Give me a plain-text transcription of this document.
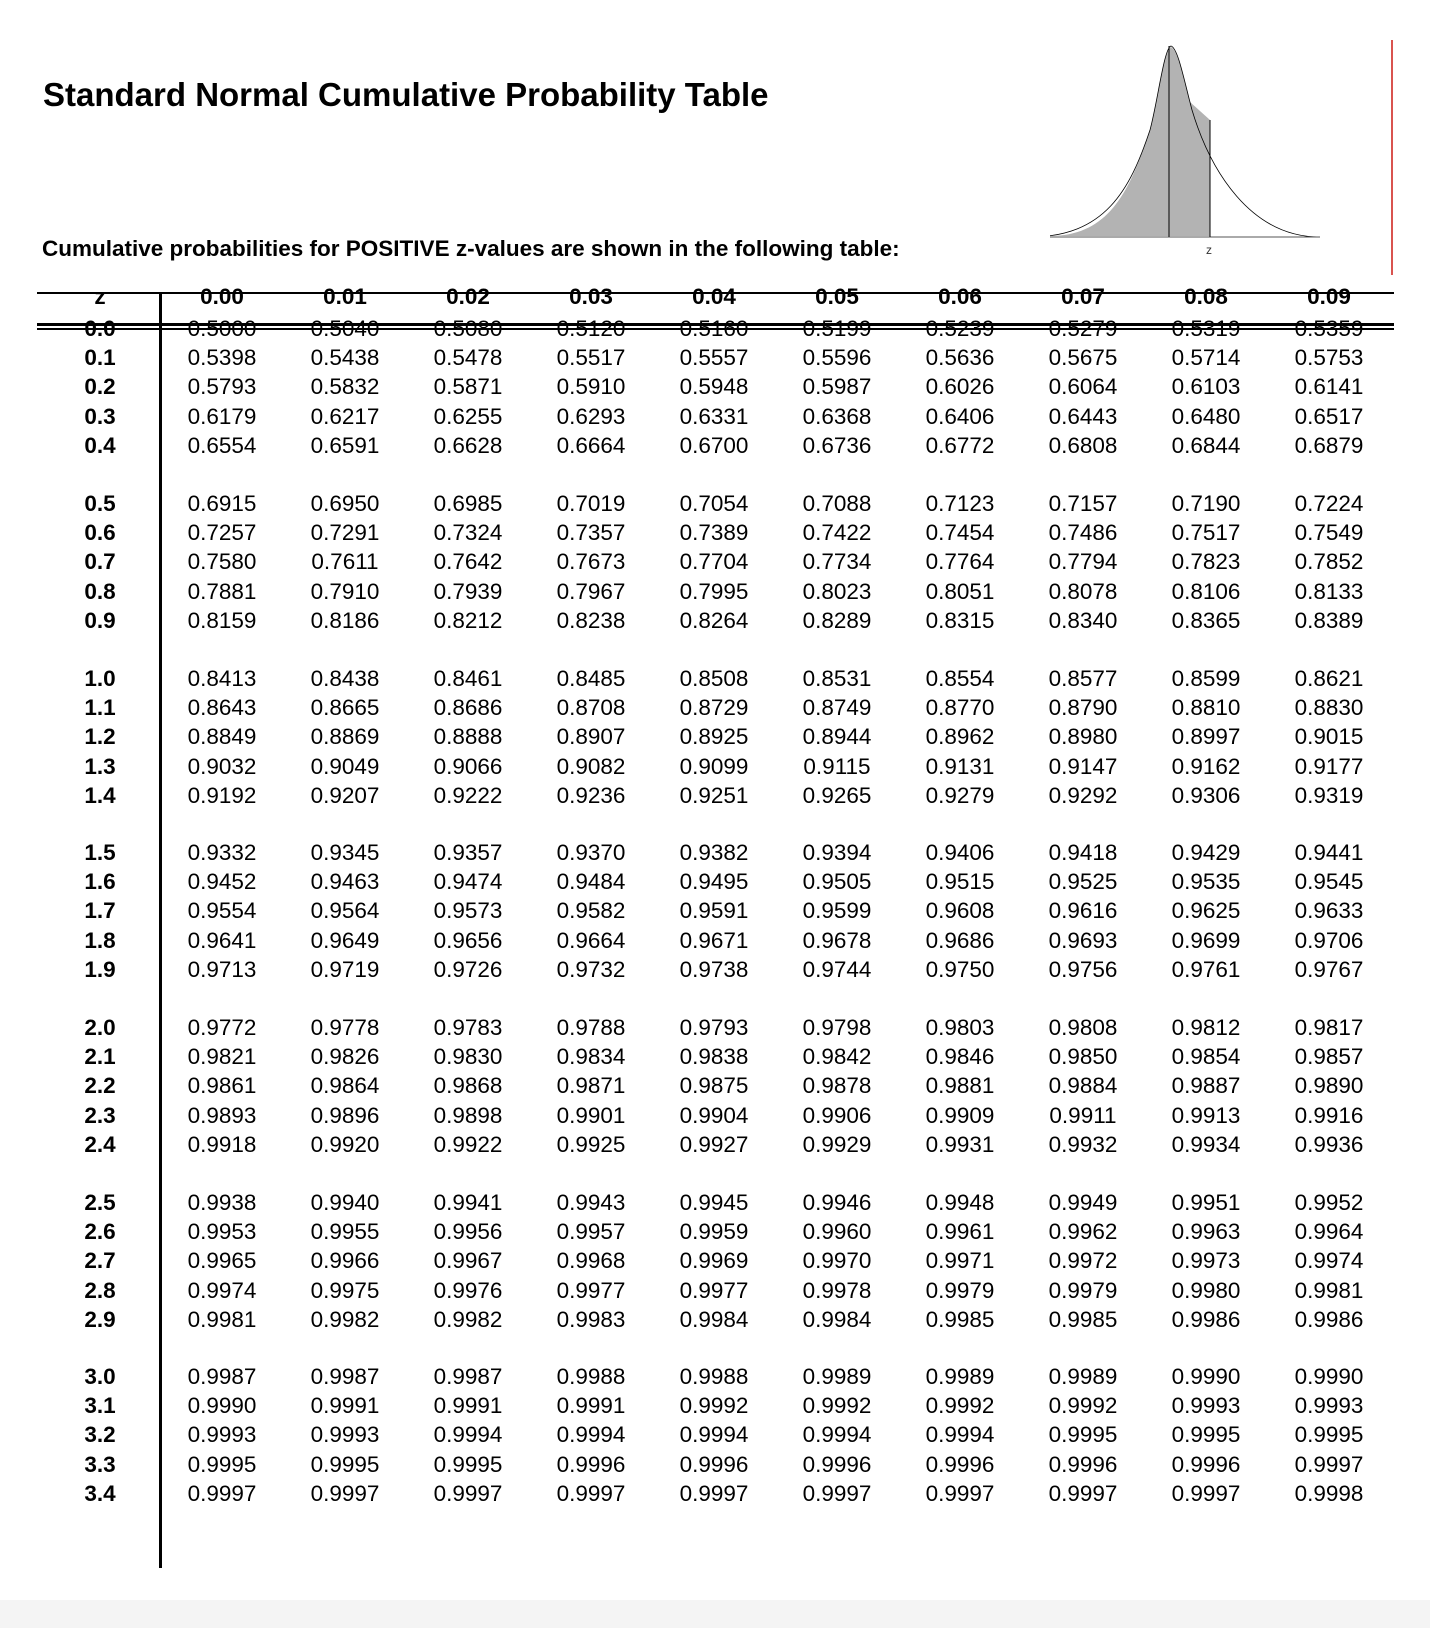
Standard Normal Cumulative Probability Table
Cumulative probabilities for POSITIVE z-values are shown in the following table:	z
z	0.00	0.01	0.02	0.03	0.04	0.05	0.06	0.07	0.08	0.09
0.0	0.5000 0.5040 0.5080 0.5120 0.5160 0.5199 0.5239 0.5279 0.5319 0.5359
0.1	0.5398 0.5438 0.5478 0.5517 0.5557 0.5596 0.5636 0.5675 0.5714 0.5753
0.2	0.5793 0.5832 0.5871 0.5910 0.5948 0.5987 0.6026 0.6064 0.6103 0.6141
0.3	0.6179 0.6217 0.6255 0.6293 0.6331 0.6368 0.6406 0.6443 0.6480 0.6517
0.4	0.6554 0.6591 0.6628 0.6664 0.6700 0.6736 0.6772 0.6808 0.6844 0.6879
0.5	0.6915 0.6950 0.6985 0.7019 0.7054 0.7088 0.7123 0.7157 0.7190 0.7224
0.6	0.7257 0.7291 0.7324 0.7357 0.7389 0.7422 0.7454 0.7486 0.7517 0.7549
0.7	0.7580	0.7611	0.7642 0.7673 0.7704 0.7734 0.7764 0.7794 0.7823 0.7852
0.8	0.7881 0.7910 0.7939 0.7967 0.7995 0.8023 0.8051 0.8078 0.8106 0.8133
0.9	0.8159 0.8186 0.8212 0.8238 0.8264 0.8289 0.8315 0.8340 0.8365 0.8389
1.0	0.8413 0.8438 0.8461 0.8485 0.8508 0.8531 0.8554 0.8577 0.8599 0.8621
1.1	0.8643 0.8665 0.8686 0.8708 0.8729 0.8749 0.8770 0.8790 0.8810 0.8830
1.2	0.8849 0.8869 0.8888 0.8907 0.8925 0.8944 0.8962 0.8980 0.8997 0.9015
1.3	0.9032 0.9049 0.9066 0.9082 0.9099	0.9115	0.9131 0.9147 0.9162 0.9177
1.4	0.9192 0.9207 0.9222 0.9236 0.9251 0.9265 0.9279 0.9292 0.9306 0.9319
1.5	0.9332 0.9345 0.9357 0.9370 0.9382 0.9394 0.9406 0.9418 0.9429 0.9441
1.6	0.9452 0.9463 0.9474 0.9484 0.9495 0.9505 0.9515 0.9525 0.9535 0.9545
1.7	0.9554 0.9564 0.9573 0.9582 0.9591 0.9599 0.9608 0.9616 0.9625 0.9633
1.8	0.9641 0.9649 0.9656 0.9664 0.9671 0.9678 0.9686 0.9693 0.9699 0.9706
1.9	0.9713 0.9719 0.9726 0.9732 0.9738 0.9744 0.9750 0.9756 0.9761 0.9767
2.0	0.9772 0.9778 0.9783 0.9788 0.9793 0.9798 0.9803 0.9808 0.9812 0.9817
2.1	0.9821 0.9826 0.9830 0.9834 0.9838 0.9842 0.9846 0.9850 0.9854 0.9857
2.2	0.9861 0.9864 0.9868 0.9871 0.9875 0.9878 0.9881 0.9884 0.9887 0.9890
2.3	0.9893 0.9896 0.9898 0.9901 0.9904 0.9906 0.9909	0.9911	0.9913 0.9916
2.4	0.9918 0.9920 0.9922 0.9925 0.9927 0.9929 0.9931 0.9932 0.9934 0.9936
2.5	0.9938 0.9940 0.9941 0.9943 0.9945 0.9946 0.9948 0.9949 0.9951 0.9952
2.6	0.9953 0.9955 0.9956 0.9957 0.9959 0.9960 0.9961 0.9962 0.9963 0.9964
2.7	0.9965 0.9966 0.9967 0.9968 0.9969 0.9970 0.9971 0.9972 0.9973 0.9974
2.8	0.9974 0.9975 0.9976 0.9977 0.9977 0.9978 0.9979 0.9979 0.9980 0.9981
2.9	0.9981 0.9982 0.9982 0.9983 0.9984 0.9984 0.9985 0.9985 0.9986 0.9986
3.0	0.9987 0.9987 0.9987 0.9988 0.9988 0.9989 0.9989 0.9989 0.9990 0.9990
3.1	0.9990 0.9991 0.9991 0.9991 0.9992 0.9992 0.9992 0.9992 0.9993 0.9993
3.2	0.9993 0.9993 0.9994 0.9994 0.9994 0.9994 0.9994 0.9995 0.9995 0.9995
3.3	0.9995 0.9995 0.9995 0.9996 0.9996 0.9996 0.9996 0.9996 0.9996 0.9997
3.4	0.9997 0.9997 0.9997 0.9997 0.9997 0.9997 0.9997 0.9997 0.9997 0.9998
